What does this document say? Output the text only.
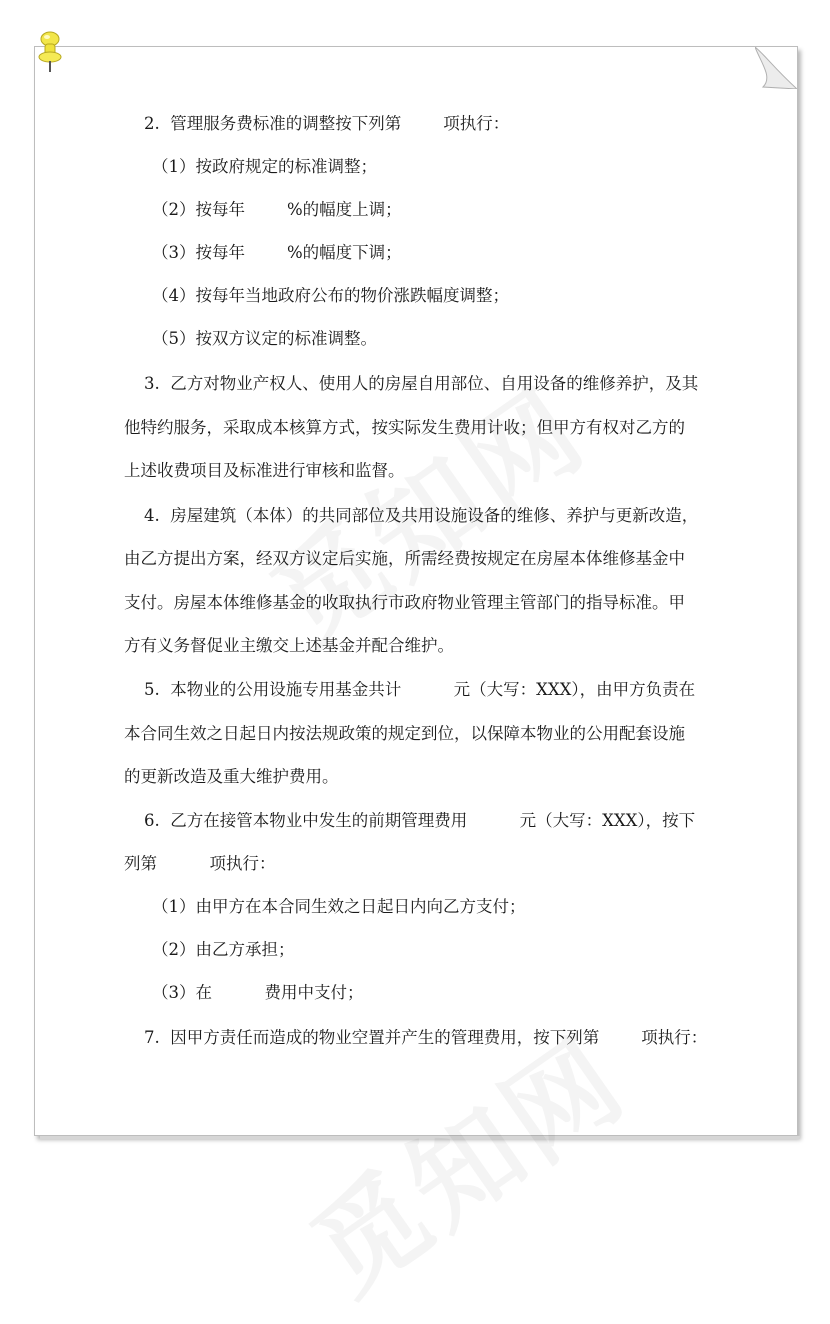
2.  管理服务费标准的调整按下列第        项执行：
（1）按政府规定的标准调整；
（2）按每年        %的幅度上调；
（3）按每年        %的幅度下调；
（4）按每年当地政府公布的物价涨跌幅度调整；
（5）按双方议定的标准调整。
3.  乙方对物业产权人、使用人的房屋自用部位、自用设备的维修养护，及其
他特约服务，采取成本核算方式，按实际发生费用计收；但甲方有权对乙方的
上述收费项目及标准进行审核和监督。
4.  房屋建筑（本体）的共同部位及共用设施设备的维修、养护与更新改造，
由乙方提出方案，经双方议定后实施，所需经费按规定在房屋本体维修基金中
支付。房屋本体维修基金的收取执行市政府物业管理主管部门的指导标准。甲
方有义务督促业主缴交上述基金并配合维护。
5.  本物业的公用设施专用基金共计          元（大写：XXX），由甲方负责在
本合同生效之日起日内按法规政策的规定到位，以保障本物业的公用配套设施
的更新改造及重大维护费用。
6.  乙方在接管本物业中发生的前期管理费用          元（大写：XXX），按下
列第          项执行：
（1）由甲方在本合同生效之日起日内向乙方支付；
（2）由乙方承担；
（3）在          费用中支付；
7.  因甲方责任而造成的物业空置并产生的管理费用，按下列第        项执行：
